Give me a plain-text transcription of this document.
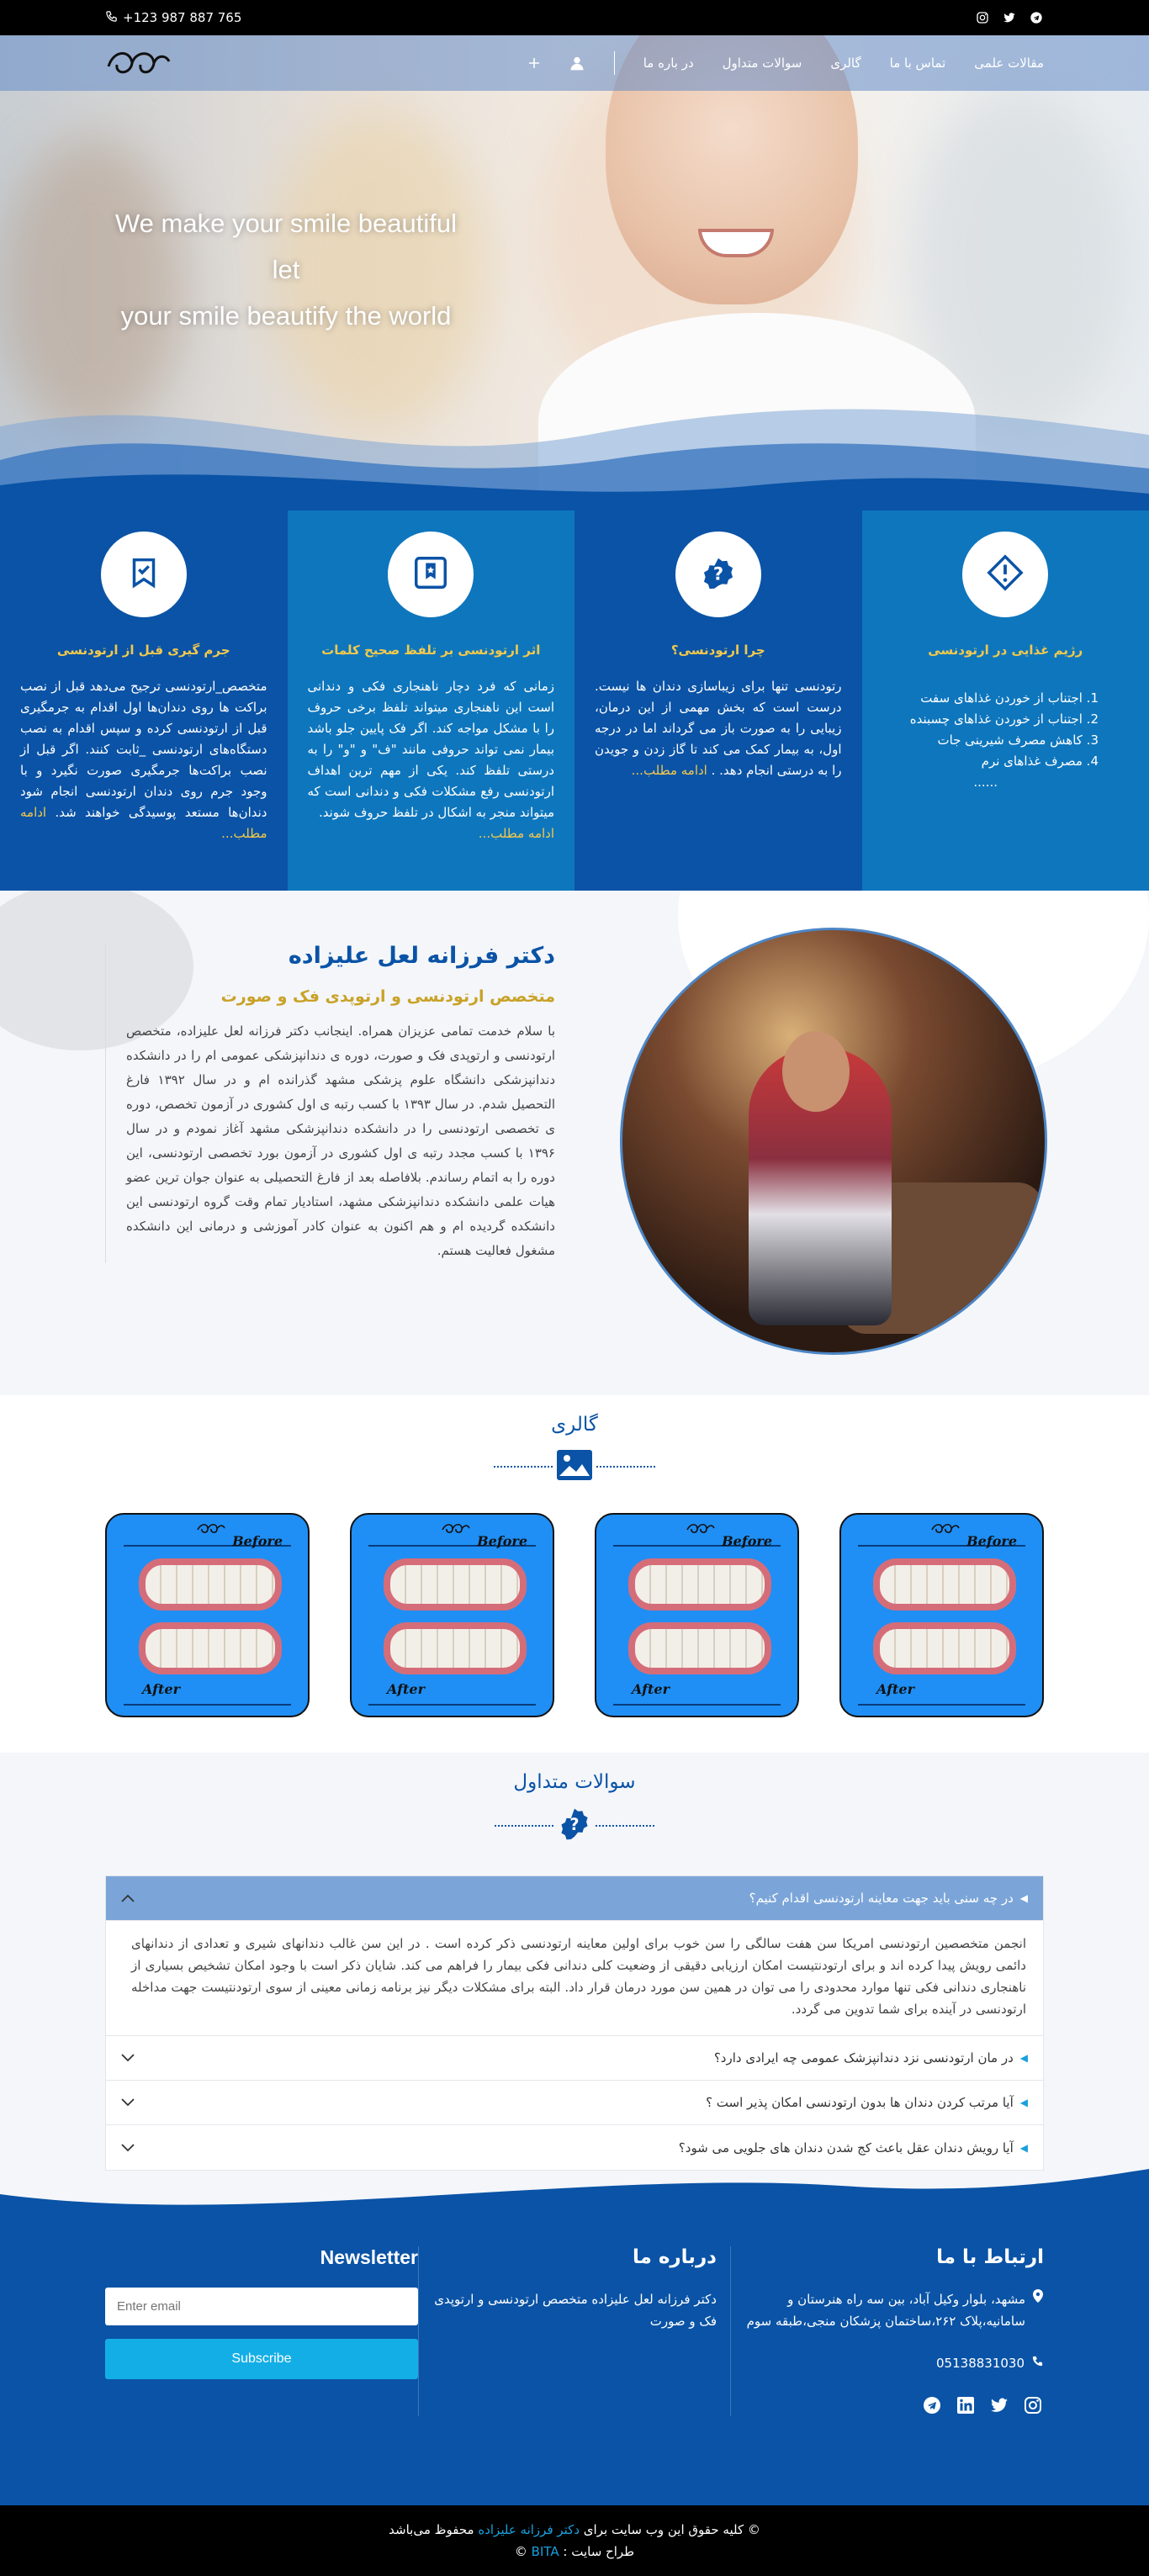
+123 987 887 765
مقالات علمی
تماس با ما
گالری
سوالات متداول
در باره ما
We make your smile beautiful
let
your smile beautify the world
رژیم غذایی در ارتودنسی
1. اجتناب از خوردن غذاهای سفت
2. اجتناب از خوردن غذاهای چسبنده
3. کاهش مصرف شیرینی جات
4. مصرف غذاهای نرم
......
?
چرا ارتودنسی؟
رتودنسی تنها برای زیباسازی دندان ها نیست. درست است که بخش مهمی از این درمان، زیبایی را به صورت باز می گرداند اما در درجه اول، به بیمار کمک می کند تا گاز زدن و جویدن را به درستی انجام دهد. . ادامه مطلب...
اثر ارتودنسی بر تلفظ صحیح کلمات
زمانی که فرد دچار ناهنجاری فکی و دندانی است این ناهنجاری میتواند تلفظ برخی حروف را با مشکل مواجه کند. اگر فک پایین جلو باشد بیمار نمی تواند حروفی مانند "ف" و "و" را به درستی تلفظ کند. یکی از مهم ترین اهداف ارتودنسی رفع مشکلات فکی و دندانی است که میتواند منجر به اشکال در تلفظ حروف شوند.
ادامه مطلب...
جرم گیری قبل از ارتودنسی
متخصص_ارتودنسی ترجیح می‌دهد قبل از نصب براکت ها روی دندان‌ها اول اقدام به جرمگیری قبل از ارتودنسی کرده و سپس اقدام به نصب دستگاه‌های ارتودنسی _ثابت کنند. اگر قبل از نصب براکت‌ها جرمگیری صورت نگیرد و با وجود جرم روی دندان ارتودنسی انجام شود دندان‌ها مستعد پوسیدگی خواهند شد. ادامه مطلب...
دکتر فرزانه لعل علیزاده
متخصص ارتودنسی و ارتوپدی فک و صورت

با سلام خدمت تمامی عزیزان همراه. اینجانب دکتر فرزانه لعل علیزاده، متخصص ارتودنسی و ارتوپدی فک و صورت، دوره ی دندانپزشکی عمومی ام را در دانشکده دندانپزشکی دانشگاه علوم پزشکی مشهد گذرانده ام و در سال ۱۳۹۲ فارغ التحصیل شدم. در سال ۱۳۹۳ با کسب رتبه ی اول کشوری در آزمون تخصص، دوره ی تخصصی ارتودنسی را در دانشکده دندانپزشکی مشهد آغاز نمودم و در سال ۱۳۹۶ با کسب مجدد رتبه ی اول کشوری در آزمون بورد تخصصی ارتودنسی، این دوره را به اتمام رساندم. بلافاصله بعد از فارغ التحصیلی به عنوان جوان ترین عضو هیات علمی دانشکده دندانپزشکی مشهد، استادیار تمام وقت گروه ارتودنسی این دانشکده گردیده ام و هم اکنون به عنوان کادر آموزشی و درمانی این دانشکده مشغول فعالیت هستم.

گالری
Before
After
Before
After
Before
After
Before
After
سوالات متداول
?
◀
در چه سنی باید جهت معاینه ارتودنسی اقدام کنیم؟
انجمن متخصصین ارتودنسی امریکا سن هفت سالگی را سن خوب برای اولین معاینه ارتودنسی ذکر کرده است . در این سن غالب دندانهای شیری و تعدادی از دندانهای دائمی رویش پیدا کرده اند و برای ارتودنتیست امکان ارزیابی دقیقی از وضعیت کلی دندانی فکی بیمار را فراهم می کند. شایان ذکر است با وجود امکان تشخیص بسیاری از ناهنجاری دندانی فکی تنها موارد محدودی را می توان در همین سن مورد درمان قرار داد. البته برای مشکلات دیگر نیز برنامه زمانی معینی از سوی ارتودنتیست جهت مداخله ارتودنسی در آینده برای شما تدوین می گردد.
◀
در مان ارتودنسی نزد دندانپزشک عمومی چه ایرادی دارد؟
◀
آیا مرتب کردن دندان ها بدون ارتودنسی امکان پذیر است ؟
◀
آیا رویش دندان عقل باعث کج شدن دندان های جلویی می شود؟
ارتباط با ما
مشهد، بلوار وکیل آباد، بین سه راه هنرستان و سامانیه،پلاک ۲۶۲،ساختمان پزشکان منجی،طبقه سوم
05138831030
درباره ما
دکتر فرزانه لعل علیزاده متخصص ارتودنسی و ارتوپدی فک و صورت
Newsletter
Enter email Subscribe
© کلیه حقوق این وب سایت برای دکتر فرزانه علیزاده محفوظ می‌باشد
© BITA : طراح سایت
